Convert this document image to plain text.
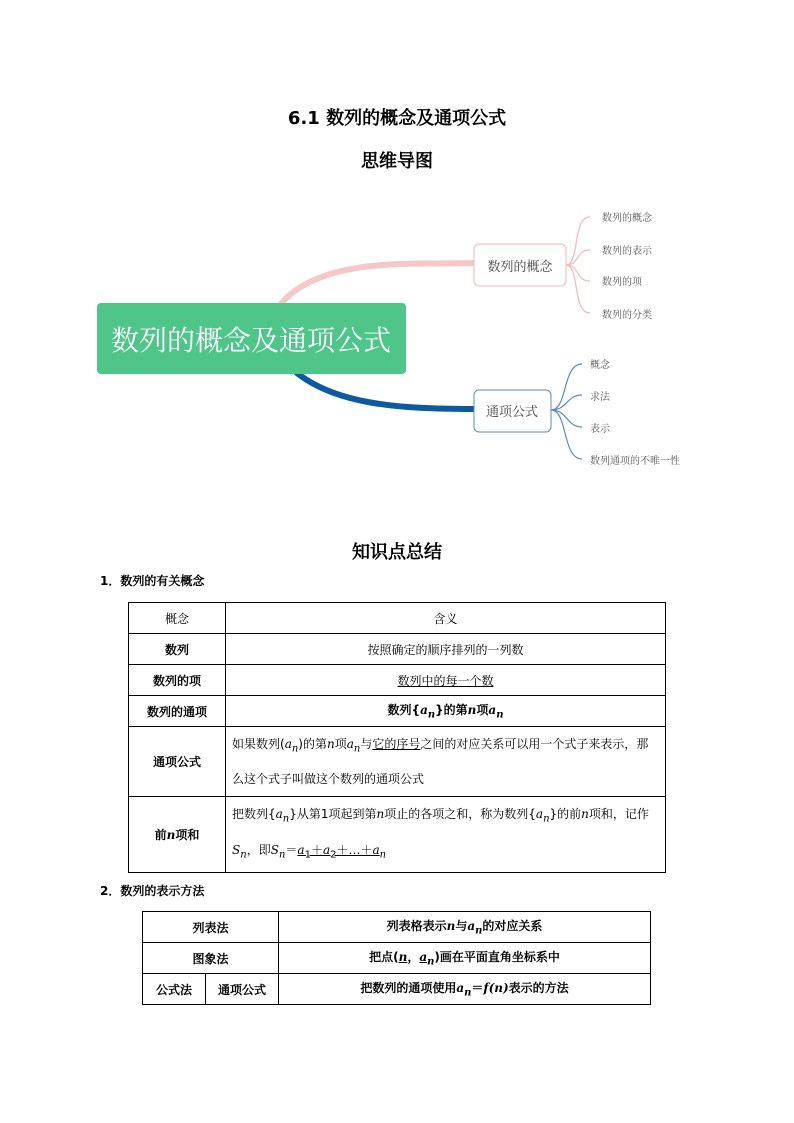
6.1 数列的概念及通项公式
思维导图
数列的概念及通项公式
数列的概念
数列的概念
数列的表示
数列的项
数列的分类
通项公式
概念
求法
表示
数列通项的不唯一性
知识点总结
1．数列的有关概念
概念	含义
数列	按照确定的顺序排列的一列数
数列的项	数列中的每一个数
数列的通项	数列$\{a_n\}$的第n项$a_n$
通项公式	如果数列$(a_n)$的第n项$a_n$与它的序号之间的对应关系可以用一个式子来表示，那么这个式子叫做这个数列的通项公式
前n项和	把数列$\{a_n\}$从第1项起到第n项止的各项之和，称为数列$\{a_n\}$的前n项和，记作$S_n$，即$S_n=a_1+a_2+\dots+a_n$
2．数列的表示方法
列表法		列表格表示n与$a_n$的对应关系
图象法		把点(n，$a_n$)画在平面直角坐标系中
公式法	通项公式	把数列的通项使用$a_n=f(n)$表示的方法
